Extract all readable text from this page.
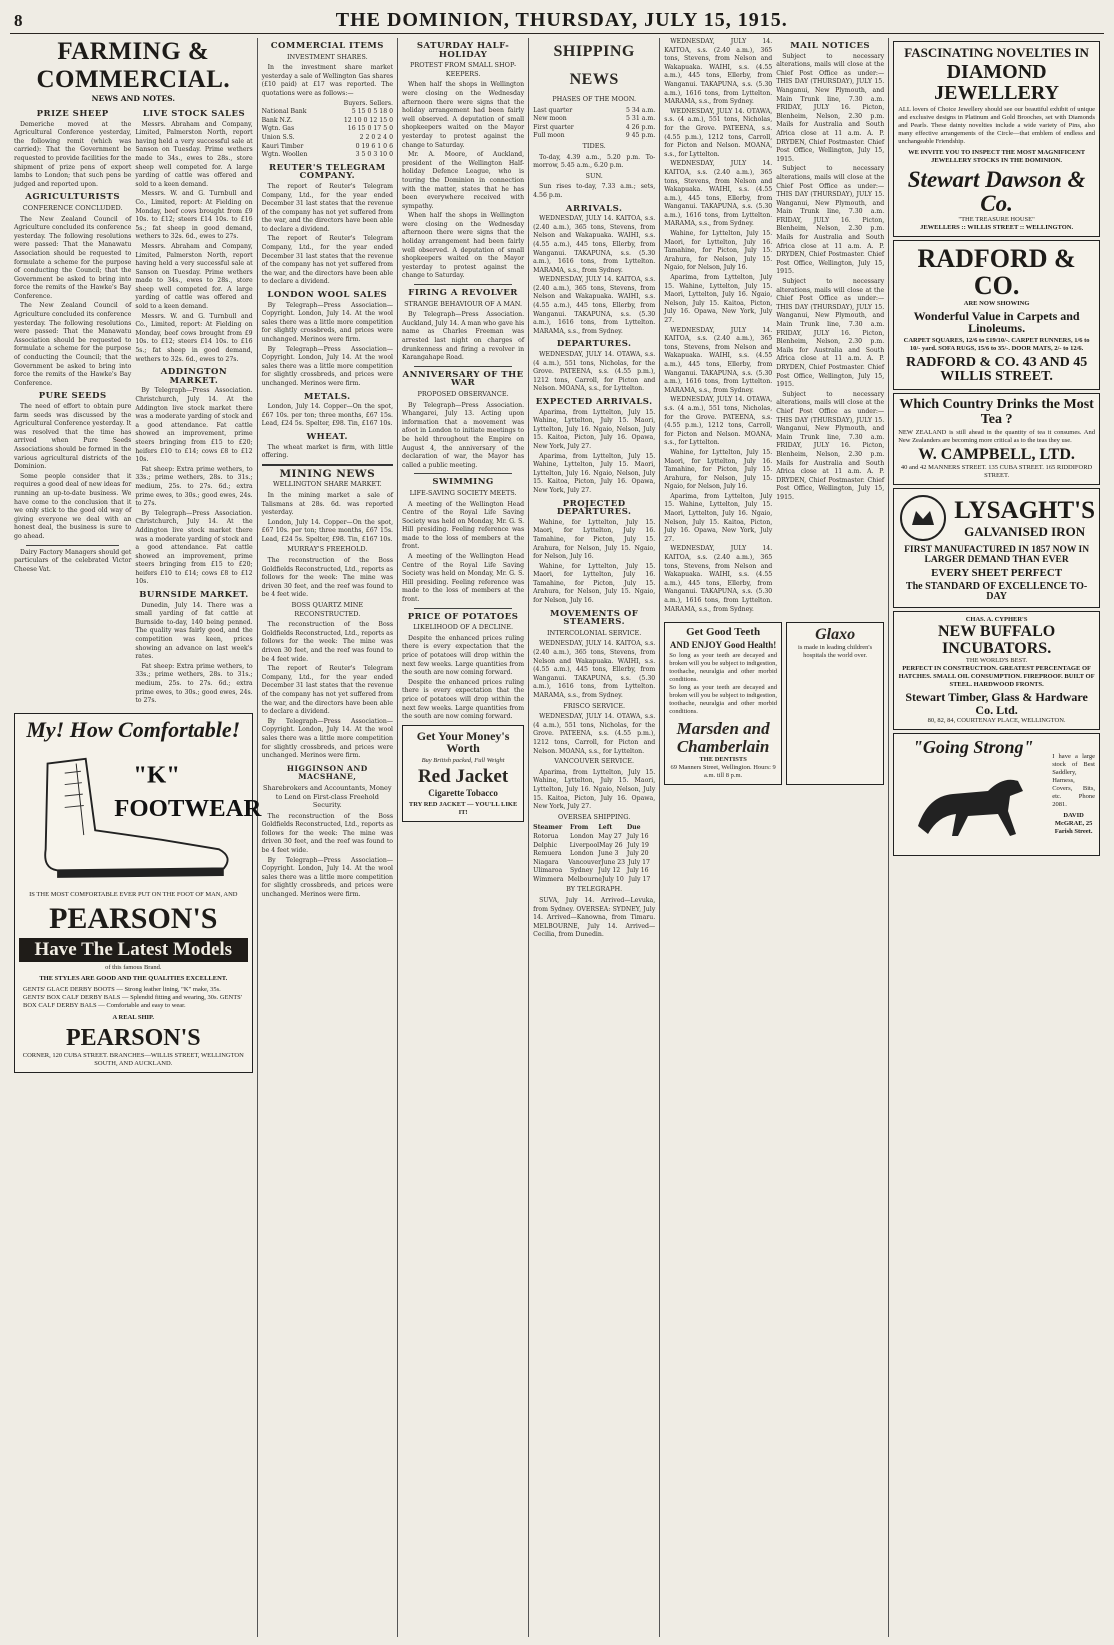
8	THE DOMINION, THURSDAY, JULY 15, 1915.
FARMING & COMMERCIAL.
NEWS AND NOTES.
PRIZE SHEEP

Demeriche moved at the Agricultural Conference yesterday, the following remit (which was carried): That the Government be requested to provide facilities for the shipment of prize pens of export lambs to London; that such pens be judged and reported upon.

AGRICULTURISTS
CONFERENCE CONCLUDED.

The New Zealand Council of Agriculture concluded its conference yesterday. The following resolutions were passed: That the Manawatu Association should be requested to formulate a scheme for the purpose of conducting the Council; that the Government be asked to bring into force the remits of the Hawke's Bay Conference.

The New Zealand Council of Agriculture concluded its conference yesterday. The following resolutions were passed: That the Manawatu Association should be requested to formulate a scheme for the purpose of conducting the Council; that the Government be asked to bring into force the remits of the Hawke's Bay Conference.

PURE SEEDS

The need of effort to obtain pure farm seeds was discussed by the Agricultural Conference yesterday. It was resolved that the time has arrived when Pure Seeds Associations should be formed in the various agricultural districts of the Dominion.

Some people consider that it requires a good deal of new ideas for running an up-to-date business. We have come to the conclusion that it we only stick to the good old way of giving everyone we deal with an honest deal, the business is sure to go ahead.

Dairy Factory Managers should get particulars of the celebrated Victor Cheese Vat.

LIVE STOCK SALES

Messrs. Abraham and Company, Limited, Palmerston North, report having held a very successful sale at Sanson on Tuesday. Prime wethers made to 34s., ewes to 28s., store sheep well competed for. A large yarding of cattle was offered and sold to a keen demand.

Messrs. W. and G. Turnbull and Co., Limited, report: At Fielding on Monday, beef cows brought from £9 10s. to £12; steers £14 10s. to £16 5s.; fat sheep in good demand, wethers to 32s. 6d., ewes to 27s.

Messrs. Abraham and Company, Limited, Palmerston North, report having held a very successful sale at Sanson on Tuesday. Prime wethers made to 34s., ewes to 28s., store sheep well competed for. A large yarding of cattle was offered and sold to a keen demand.

Messrs. W. and G. Turnbull and Co., Limited, report: At Fielding on Monday, beef cows brought from £9 10s. to £12; steers £14 10s. to £16 5s.; fat sheep in good demand, wethers to 32s. 6d., ewes to 27s.

ADDINGTON MARKET.

By Telegraph—Press Association. Christchurch, July 14. At the Addington live stock market there was a moderate yarding of stock and a good attendance. Fat cattle showed an improvement, prime steers bringing from £15 to £20; heifers £10 to £14; cows £8 to £12 10s.

Fat sheep: Extra prime wethers, to 33s.; prime wethers, 28s. to 31s.; medium, 25s. to 27s. 6d.; extra prime ewes, to 30s.; good ewes, 24s. to 27s.

By Telegraph—Press Association. Christchurch, July 14. At the Addington live stock market there was a moderate yarding of stock and a good attendance. Fat cattle showed an improvement, prime steers bringing from £15 to £20; heifers £10 to £14; cows £8 to £12 10s.

BURNSIDE MARKET.

Dunedin, July 14. There was a small yarding of fat cattle at Burnside to-day, 140 being penned. The quality was fairly good, and the competition was keen, prices showing an advance on last week's rates.

Fat sheep: Extra prime wethers, to 33s.; prime wethers, 28s. to 31s.; medium, 25s. to 27s. 6d.; extra prime ewes, to 30s.; good ewes, 24s. to 27s.

My! How Comfortable!
"K"
FOOTWEAR
IS THE MOST COMFORTABLE EVER PUT ON THE FOOT OF MAN, AND
PEARSON'S
Have The Latest Models
of this famous Brand.
THE STYLES ARE GOOD AND THE QUALITIES EXCELLENT.
GENTS' GLACE DERBY BOOTS — Strong leather lining, "K" make, 35s. GENTS' BOX CALF DERBY BALS — Splendid fitting and wearing, 30s. GENTS' BOX CALF DERBY BALS — Comfortable and easy to wear.
A REAL SHIP.
PEARSON'S
CORNER, 120 CUBA STREET. BRANCHES—WILLIS STREET, WELLINGTON SOUTH, AND AUCKLAND.
COMMERCIAL ITEMS
INVESTMENT SHARES.

In the investment share market yesterday a sale of Wellington Gas shares (£10 paid) at £17 was reported. The quotations were as follows:—

Buyers. Sellers.
National Bank	5 15 0 5 18 0
Bank N.Z.	12 10 0 12 15 0
Wgtn. Gas	16 15 0 17 5 0
Union S.S.	2 2 0 2 4 0
Kauri Timber	0 19 6 1 0 6
Wgtn. Woollen	3 5 0 3 10 0
REUTER'S TELEGRAM COMPANY.

The report of Reuter's Telegram Company, Ltd., for the year ended December 31 last states that the revenue of the company has not yet suffered from the war, and the directors have been able to declare a dividend.

The report of Reuter's Telegram Company, Ltd., for the year ended December 31 last states that the revenue of the company has not yet suffered from the war, and the directors have been able to declare a dividend.

LONDON WOOL SALES

By Telegraph—Press Association—Copyright. London, July 14. At the wool sales there was a little more competition for slightly crossbreds, and prices were unchanged. Merinos were firm.

By Telegraph—Press Association—Copyright. London, July 14. At the wool sales there was a little more competition for slightly crossbreds, and prices were unchanged. Merinos were firm.

METALS.

London, July 14. Copper—On the spot, £67 10s. per ton; three months, £67 15s. Lead, £24 5s. Spelter, £98. Tin, £167 10s.

WHEAT.

The wheat market is firm, with little offering.

MINING NEWS
WELLINGTON SHARE MARKET.

In the mining market a sale of Talismans at 28s. 6d. was reported yesterday.

London, July 14. Copper—On the spot, £67 10s. per ton; three months, £67 15s. Lead, £24 5s. Spelter, £98. Tin, £167 10s.

MURRAY'S FREEHOLD.

The reconstruction of the Boss Goldfields Reconstructed, Ltd., reports as follows for the week: The mine was driven 30 feet, and the reef was found to be 4 feet wide.

BOSS QUARTZ MINE RECONSTRUCTED.

The reconstruction of the Boss Goldfields Reconstructed, Ltd., reports as follows for the week: The mine was driven 30 feet, and the reef was found to be 4 feet wide.

The report of Reuter's Telegram Company, Ltd., for the year ended December 31 last states that the revenue of the company has not yet suffered from the war, and the directors have been able to declare a dividend.

By Telegraph—Press Association—Copyright. London, July 14. At the wool sales there was a little more competition for slightly crossbreds, and prices were unchanged. Merinos were firm.

HIGGINSON AND MACSHANE,
Sharebrokers and Accountants, Money to Lend on First-class Freehold Security.

The reconstruction of the Boss Goldfields Reconstructed, Ltd., reports as follows for the week: The mine was driven 30 feet, and the reef was found to be 4 feet wide.

By Telegraph—Press Association—Copyright. London, July 14. At the wool sales there was a little more competition for slightly crossbreds, and prices were unchanged. Merinos were firm.

SATURDAY HALF-HOLIDAY
PROTEST FROM SMALL SHOP-KEEPERS.

When half the shops in Wellington were closing on the Wednesday afternoon there were signs that the holiday arrangement had been fairly well observed. A deputation of small shopkeepers waited on the Mayor yesterday to protest against the change to Saturday.

Mr. A. Moore, of Auckland, president of the Wellington Half-holiday Defence League, who is touring the Dominion in connection with the matter, states that he has been everywhere received with sympathy.

When half the shops in Wellington were closing on the Wednesday afternoon there were signs that the holiday arrangement had been fairly well observed. A deputation of small shopkeepers waited on the Mayor yesterday to protest against the change to Saturday.

FIRING A REVOLVER
STRANGE BEHAVIOUR OF A MAN.

By Telegraph—Press Association. Auckland, July 14. A man who gave his name as Charles Freeman was arrested last night on charges of drunkenness and firing a revolver in Karangahape Road.

ANNIVERSARY OF THE WAR
PROPOSED OBSERVANCE.

By Telegraph—Press Association. Whangarei, July 13. Acting upon information that a movement was afoot in London to initiate meetings to be held throughout the Empire on August 4, the anniversary of the declaration of war, the Mayor has called a public meeting.

SWIMMING
LIFE-SAVING SOCIETY MEETS.

A meeting of the Wellington Head Centre of the Royal Life Saving Society was held on Monday, Mr. G. S. Hill presiding. Feeling reference was made to the loss of members at the front.

A meeting of the Wellington Head Centre of the Royal Life Saving Society was held on Monday, Mr. G. S. Hill presiding. Feeling reference was made to the loss of members at the front.

PRICE OF POTATOES
LIKELIHOOD OF A DECLINE.

Despite the enhanced prices ruling there is every expectation that the price of potatoes will drop within the next few weeks. Large quantities from the south are now coming forward.

Despite the enhanced prices ruling there is every expectation that the price of potatoes will drop within the next few weeks. Large quantities from the south are now coming forward.

Get Your Money's Worth
Buy British packed, Full Weight
Red Jacket
Cigarette Tobacco
TRY RED JACKET — YOU'LL LIKE IT!
SHIPPING NEWS
PHASES OF THE MOON.
Last quarter	5 34 a.m.
New moon	5 31 a.m.
First quarter	4 26 p.m.
Full moon	9 45 p.m.
TIDES.

To-day, 4.39 a.m., 5.20 p.m. To-morrow, 5.45 a.m., 6.20 p.m.

SUN.

Sun rises to-day, 7.33 a.m.; sets, 4.56 p.m.

ARRIVALS.

WEDNESDAY, JULY 14. KAITOA, s.s. (2.40 a.m.), 365 tons, Stevens, from Nelson and Wakapuaka. WAIHI, s.s. (4.55 a.m.), 445 tons, Ellerby, from Wanganui. TAKAPUNA, s.s. (5.30 a.m.), 1616 tons, from Lyttelton. MARAMA, s.s., from Sydney.

WEDNESDAY, JULY 14. KAITOA, s.s. (2.40 a.m.), 365 tons, Stevens, from Nelson and Wakapuaka. WAIHI, s.s. (4.55 a.m.), 445 tons, Ellerby, from Wanganui. TAKAPUNA, s.s. (5.30 a.m.), 1616 tons, from Lyttelton. MARAMA, s.s., from Sydney.

DEPARTURES.

WEDNESDAY, JULY 14. OTAWA, s.s. (4 a.m.), 551 tons, Nicholas, for the Grove. PATEENA, s.s. (4.55 p.m.), 1212 tons, Carroll, for Picton and Nelson. MOANA, s.s., for Lyttelton.

EXPECTED ARRIVALS.

Aparima, from Lyttelton, July 15. Wahine, Lyttelton, July 15. Maori, Lyttelton, July 16. Ngaio, Nelson, July 15. Kaitoa, Picton, July 16. Opawa, New York, July 27.

Aparima, from Lyttelton, July 15. Wahine, Lyttelton, July 15. Maori, Lyttelton, July 16. Ngaio, Nelson, July 15. Kaitoa, Picton, July 16. Opawa, New York, July 27.

PROJECTED DEPARTURES.

Wahine, for Lyttelton, July 15. Maori, for Lyttelton, July 16. Tamahine, for Picton, July 15. Arahura, for Nelson, July 15. Ngaio, for Nelson, July 16.

Wahine, for Lyttelton, July 15. Maori, for Lyttelton, July 16. Tamahine, for Picton, July 15. Arahura, for Nelson, July 15. Ngaio, for Nelson, July 16.

MOVEMENTS OF STEAMERS.
INTERCOLONIAL SERVICE.

WEDNESDAY, JULY 14. KAITOA, s.s. (2.40 a.m.), 365 tons, Stevens, from Nelson and Wakapuaka. WAIHI, s.s. (4.55 a.m.), 445 tons, Ellerby, from Wanganui. TAKAPUNA, s.s. (5.30 a.m.), 1616 tons, from Lyttelton. MARAMA, s.s., from Sydney.

FRISCO SERVICE.

WEDNESDAY, JULY 14. OTAWA, s.s. (4 a.m.), 551 tons, Nicholas, for the Grove. PATEENA, s.s. (4.55 p.m.), 1212 tons, Carroll, for Picton and Nelson. MOANA, s.s., for Lyttelton.

VANCOUVER SERVICE.

Aparima, from Lyttelton, July 15. Wahine, Lyttelton, July 15. Maori, Lyttelton, July 16. Ngaio, Nelson, July 15. Kaitoa, Picton, July 16. Opawa, New York, July 27.

OVERSEA SHIPPING.
Steamer	From	Left	Due
Rotorua	London May 27 July 16
Delphic	Liverpool May 26 July 19
Remuera	London June 3	July 20
Niagara	Vancouver June 23 July 17
Ulimaroa	Sydney July 12	July 16
Wimmera Melbourne July 10 July 17
BY TELEGRAPH.

SUVA, July 14. Arrived—Levuka, from Sydney. OVERSEA: SYDNEY, July 14. Arrived—Kanowna, from Timaru. MELBOURNE, July 14. Arrived—Cecilia, from Dunedin.

WEDNESDAY, JULY 14. KAITOA, s.s. (2.40 a.m.), 365 tons, Stevens, from Nelson and Wakapuaka. WAIHI, s.s. (4.55 a.m.), 445 tons, Ellerby, from Wanganui. TAKAPUNA, s.s. (5.30 a.m.), 1616 tons, from Lyttelton. MARAMA, s.s., from Sydney.

WEDNESDAY, JULY 14. OTAWA, s.s. (4 a.m.), 551 tons, Nicholas, for the Grove. PATEENA, s.s. (4.55 p.m.), 1212 tons, Carroll, for Picton and Nelson. MOANA, s.s., for Lyttelton.

WEDNESDAY, JULY 14. KAITOA, s.s. (2.40 a.m.), 365 tons, Stevens, from Nelson and Wakapuaka. WAIHI, s.s. (4.55 a.m.), 445 tons, Ellerby, from Wanganui. TAKAPUNA, s.s. (5.30 a.m.), 1616 tons, from Lyttelton. MARAMA, s.s., from Sydney.

Wahine, for Lyttelton, July 15. Maori, for Lyttelton, July 16. Tamahine, for Picton, July 15. Arahura, for Nelson, July 15. Ngaio, for Nelson, July 16.

Aparima, from Lyttelton, July 15. Wahine, Lyttelton, July 15. Maori, Lyttelton, July 16. Ngaio, Nelson, July 15. Kaitoa, Picton, July 16. Opawa, New York, July 27.

WEDNESDAY, JULY 14. KAITOA, s.s. (2.40 a.m.), 365 tons, Stevens, from Nelson and Wakapuaka. WAIHI, s.s. (4.55 a.m.), 445 tons, Ellerby, from Wanganui. TAKAPUNA, s.s. (5.30 a.m.), 1616 tons, from Lyttelton. MARAMA, s.s., from Sydney.

WEDNESDAY, JULY 14. OTAWA, s.s. (4 a.m.), 551 tons, Nicholas, for the Grove. PATEENA, s.s. (4.55 p.m.), 1212 tons, Carroll, for Picton and Nelson. MOANA, s.s., for Lyttelton.

Wahine, for Lyttelton, July 15. Maori, for Lyttelton, July 16. Tamahine, for Picton, July 15. Arahura, for Nelson, July 15. Ngaio, for Nelson, July 16.

Aparima, from Lyttelton, July 15. Wahine, Lyttelton, July 15. Maori, Lyttelton, July 16. Ngaio, Nelson, July 15. Kaitoa, Picton, July 16. Opawa, New York, July 27.

WEDNESDAY, JULY 14. KAITOA, s.s. (2.40 a.m.), 365 tons, Stevens, from Nelson and Wakapuaka. WAIHI, s.s. (4.55 a.m.), 445 tons, Ellerby, from Wanganui. TAKAPUNA, s.s. (5.30 a.m.), 1616 tons, from Lyttelton. MARAMA, s.s., from Sydney.

MAIL NOTICES

Subject to necessary alterations, mails will close at the Chief Post Office as under:— THIS DAY (THURSDAY), JULY 15. Wanganui, New Plymouth, and Main Trunk line, 7.30 a.m. FRIDAY, JULY 16. Picton, Blenheim, Nelson, 2.30 p.m. Mails for Australia and South Africa close at 11 a.m. A. P. DRYDEN, Chief Postmaster. Chief Post Office, Wellington, July 15, 1915.

Subject to necessary alterations, mails will close at the Chief Post Office as under:— THIS DAY (THURSDAY), JULY 15. Wanganui, New Plymouth, and Main Trunk line, 7.30 a.m. FRIDAY, JULY 16. Picton, Blenheim, Nelson, 2.30 p.m. Mails for Australia and South Africa close at 11 a.m. A. P. DRYDEN, Chief Postmaster. Chief Post Office, Wellington, July 15, 1915.

Subject to necessary alterations, mails will close at the Chief Post Office as under:— THIS DAY (THURSDAY), JULY 15. Wanganui, New Plymouth, and Main Trunk line, 7.30 a.m. FRIDAY, JULY 16. Picton, Blenheim, Nelson, 2.30 p.m. Mails for Australia and South Africa close at 11 a.m. A. P. DRYDEN, Chief Postmaster. Chief Post Office, Wellington, July 15, 1915.

Subject to necessary alterations, mails will close at the Chief Post Office as under:— THIS DAY (THURSDAY), JULY 15. Wanganui, New Plymouth, and Main Trunk line, 7.30 a.m. FRIDAY, JULY 16. Picton, Blenheim, Nelson, 2.30 p.m. Mails for Australia and South Africa close at 11 a.m. A. P. DRYDEN, Chief Postmaster. Chief Post Office, Wellington, July 15, 1915.

Get Good Teeth
AND ENJOY Good Health!
So long as your teeth are decayed and broken will you be subject to indigestion, toothache, neuralgia and other morbid conditions.
So long as your teeth are decayed and broken will you be subject to indigestion, toothache, neuralgia and other morbid conditions.
Marsden and Chamberlain
THE DENTISTS
69 Manners Street, Wellington. Hours: 9 a.m. till 8 p.m.
Glaxo
is made in leading children's hospitals the world over.
FASCINATING NOVELTIES IN
DIAMOND JEWELLERY
ALL lovers of Choice Jewellery should see our beautiful exhibit of unique and exclusive designs in Platinum and Gold Brooches, set with Diamonds and Pearls. These dainty novelties include a wide variety of Pins, also many effective arrangements of the Circle—that emblem of endless and unchangeable Friendship.
WE INVITE YOU TO INSPECT THE MOST MAGNIFICENT JEWELLERY STOCKS IN THE DOMINION.
Stewart Dawson & Co.
"THE TREASURE HOUSE"
JEWELLERS :: WILLIS STREET :: WELLINGTON.
RADFORD & CO.
ARE NOW SHOWING
Wonderful Value in Carpets and Linoleums.
CARPET SQUARES, 12/6 to £19/10/-. CARPET RUNNERS, 1/6 to 10/- yard. SOFA RUGS, 15/6 to 35/-. DOOR MATS, 2/- to 12/6.
RADFORD & CO. 43 AND 45 WILLIS STREET.
Which Country Drinks the Most Tea ?
NEW ZEALAND is still ahead in the quantity of tea it consumes. And New Zealanders are becoming more critical as to the teas they use.
W. CAMPBELL, LTD.
40 and 42 MANNERS STREET. 135 CUBA STREET. 165 RIDDIFORD STREET.
LYSAGHT'S
GALVANISED IRON
FIRST MANUFACTURED IN 1857 NOW IN LARGER DEMAND THAN EVER
EVERY SHEET PERFECT
The STANDARD OF EXCELLENCE TO-DAY
CHAS. A. CYPHER'S
NEW BUFFALO INCUBATORS.
THE WORLD'S BEST.
PERFECT IN CONSTRUCTION. GREATEST PERCENTAGE OF HATCHES. SMALL OIL CONSUMPTION. FIREPROOF. BUILT OF STEEL. HARDWOOD FRONTS.
Stewart Timber, Glass & Hardware Co. Ltd.
80, 82, 84, COURTENAY PLACE, WELLINGTON.
"Going Strong"	I have a large stock of Best Saddlery, Harness, Covers, Bits, etc. Phone 2081.
DAVID McGRAE, 25 Farish Street.
